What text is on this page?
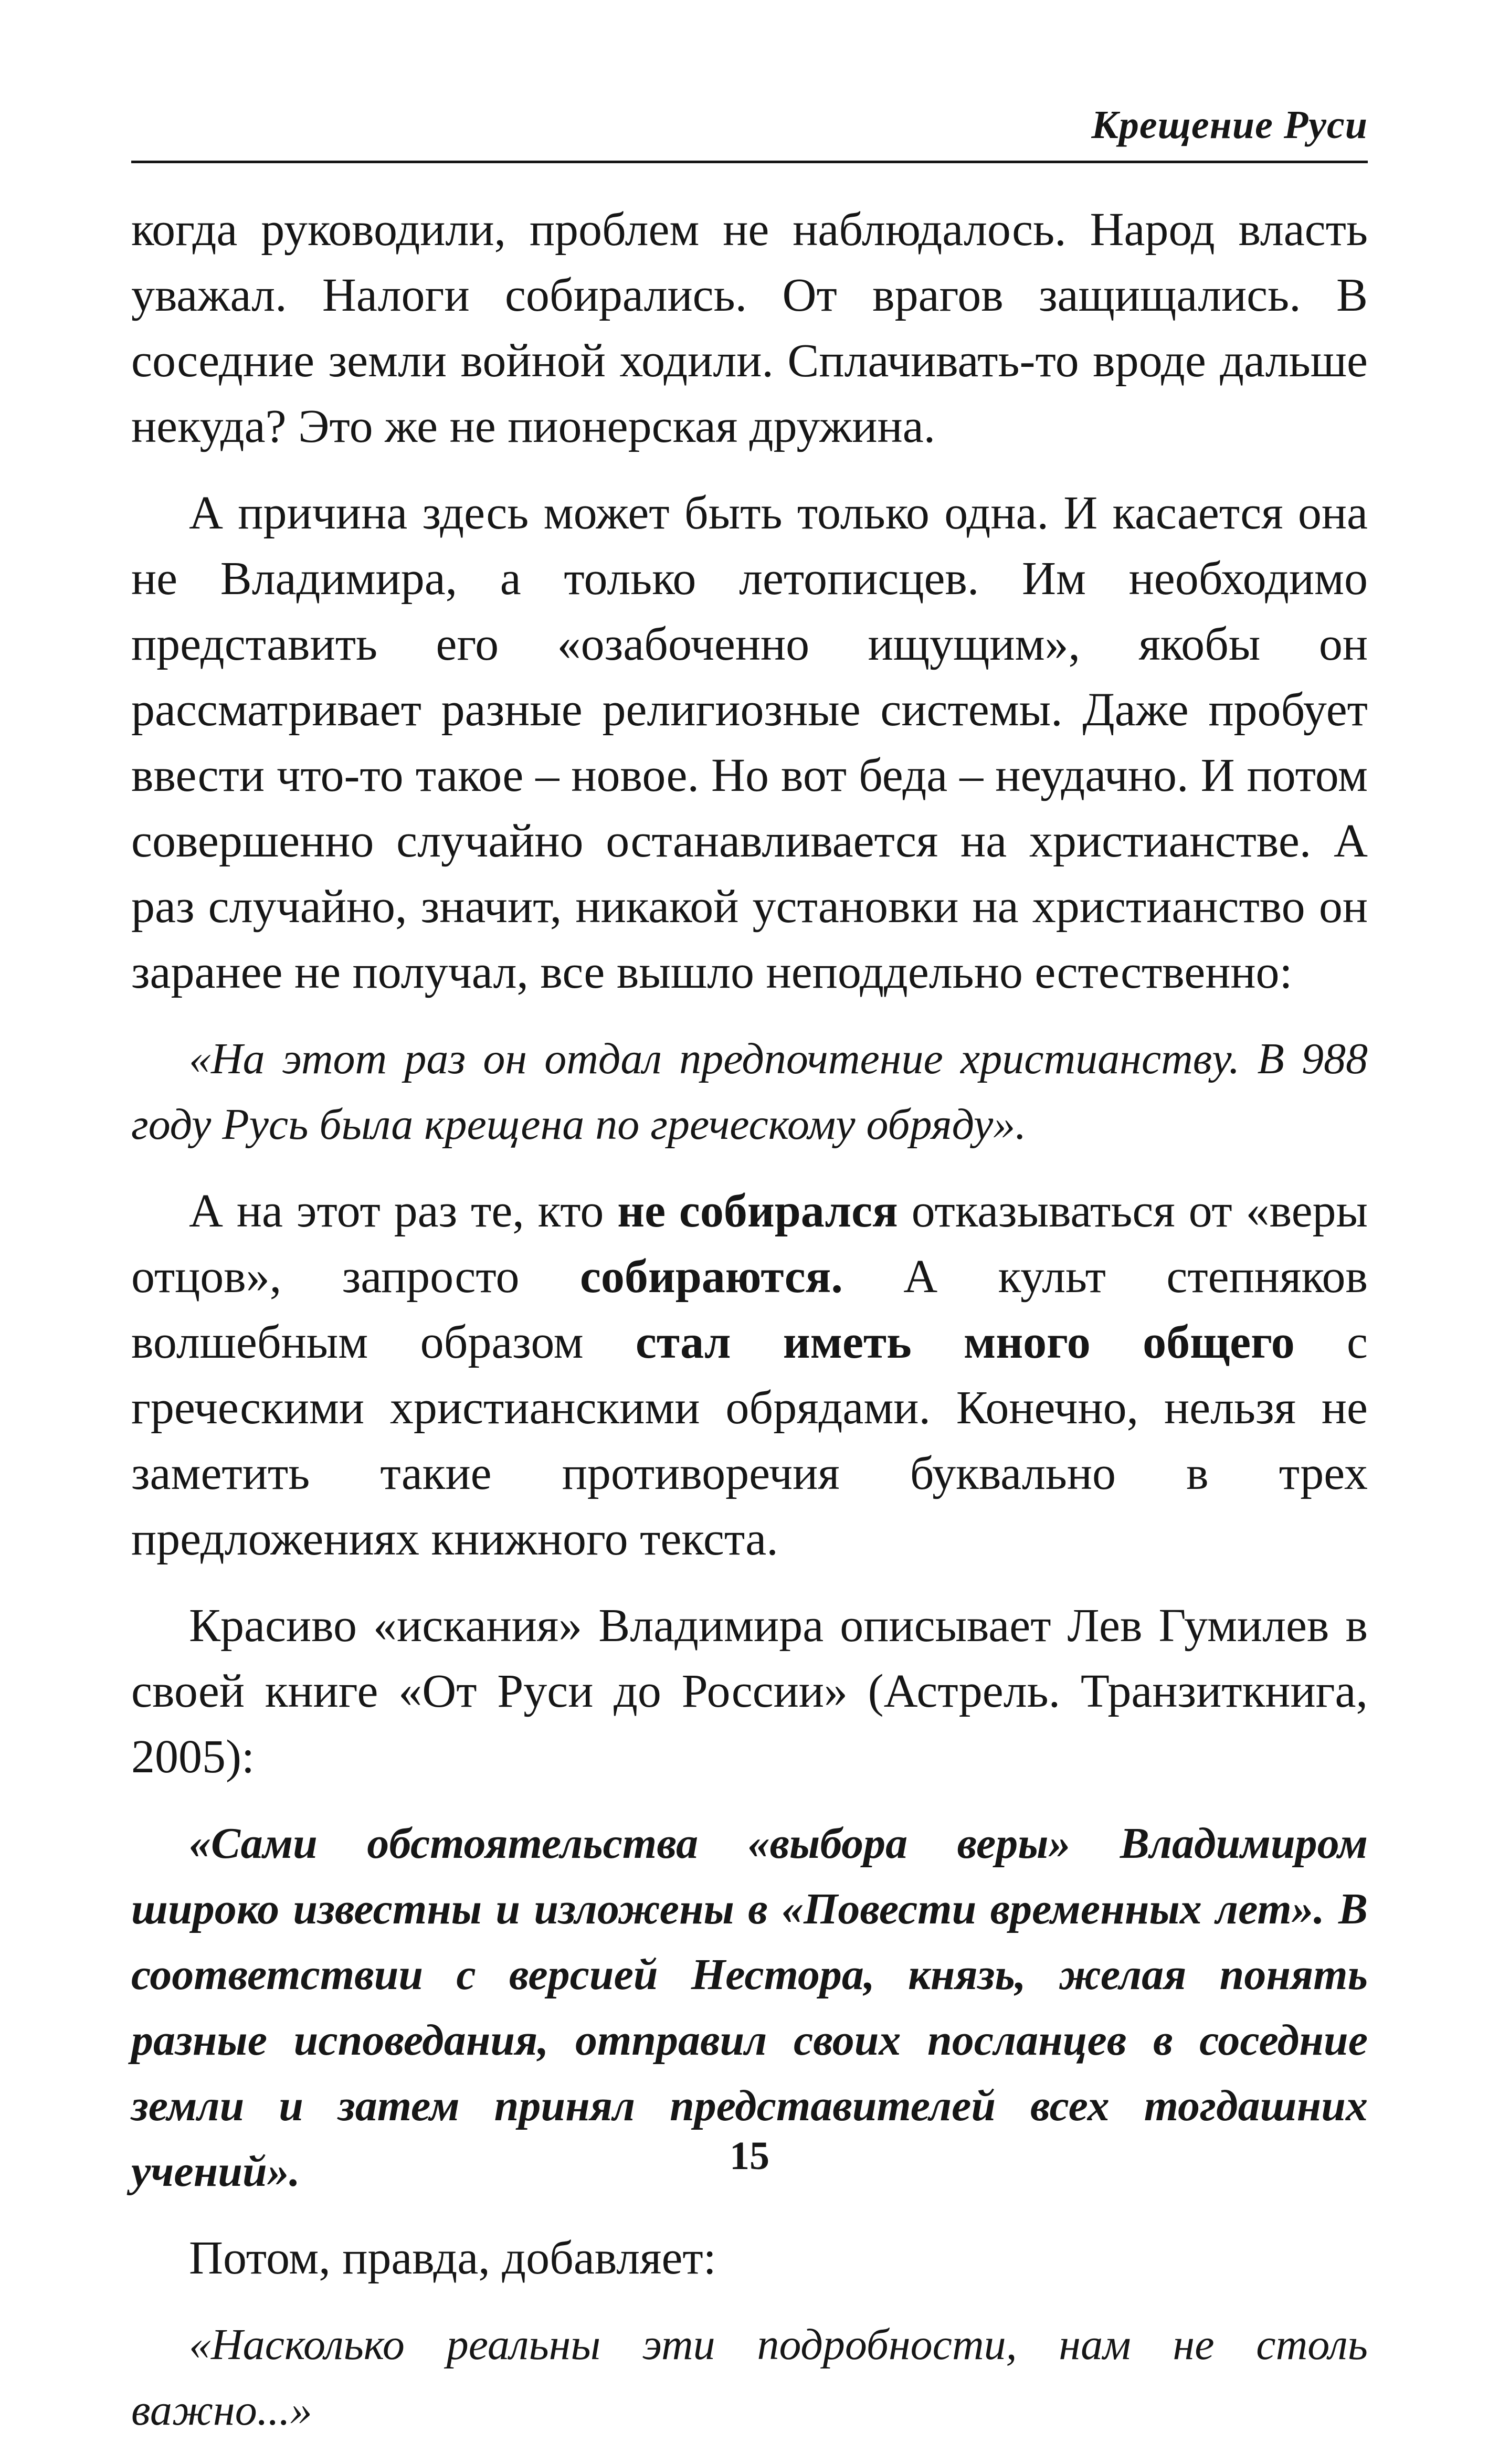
Крещение Руси

когда руководили, проблем не наблюдалось. Народ власть уважал. Налоги собирались. От врагов защищались. В соседние земли войной ходили. Сплачивать-то вроде дальше некуда? Это же не пионерская дружина.

А причина здесь может быть только одна. И касается она не Владимира, а только летописцев. Им необходимо представить его «озабоченно ищущим», якобы он рассматривает разные религиозные системы. Даже пробует ввести что-то такое – новое. Но вот беда – неудачно. И потом совершенно случайно останавливается на христианстве. А раз случайно, значит, никакой установки на христианство он заранее не получал, все вышло неподдельно естественно:

«На этот раз он отдал предпочтение христианству. В 988 году Русь была крещена по греческому обряду».

А на этот раз те, кто не собирался отказываться от «веры отцов», запросто собираются. А культ степняков волшебным образом стал иметь много общего с греческими христианскими обрядами. Конечно, нельзя не заметить такие противоречия буквально в трех предложениях книжного текста.

Красиво «искания» Владимира описывает Лев Гумилев в своей книге «От Руси до России» (Астрель. Транзиткнига, 2005):

«Сами обстоятельства «выбора веры» Владимиром широко известны и изложены в «Повести временных лет». В соответствии с версией Нестора, князь, желая понять разные исповедания, отправил своих посланцев в соседние земли и затем принял представителей всех тогдашних учений».

Потом, правда, добавляет:

«Насколько реальны эти подробности, нам не столь важно...»

15
